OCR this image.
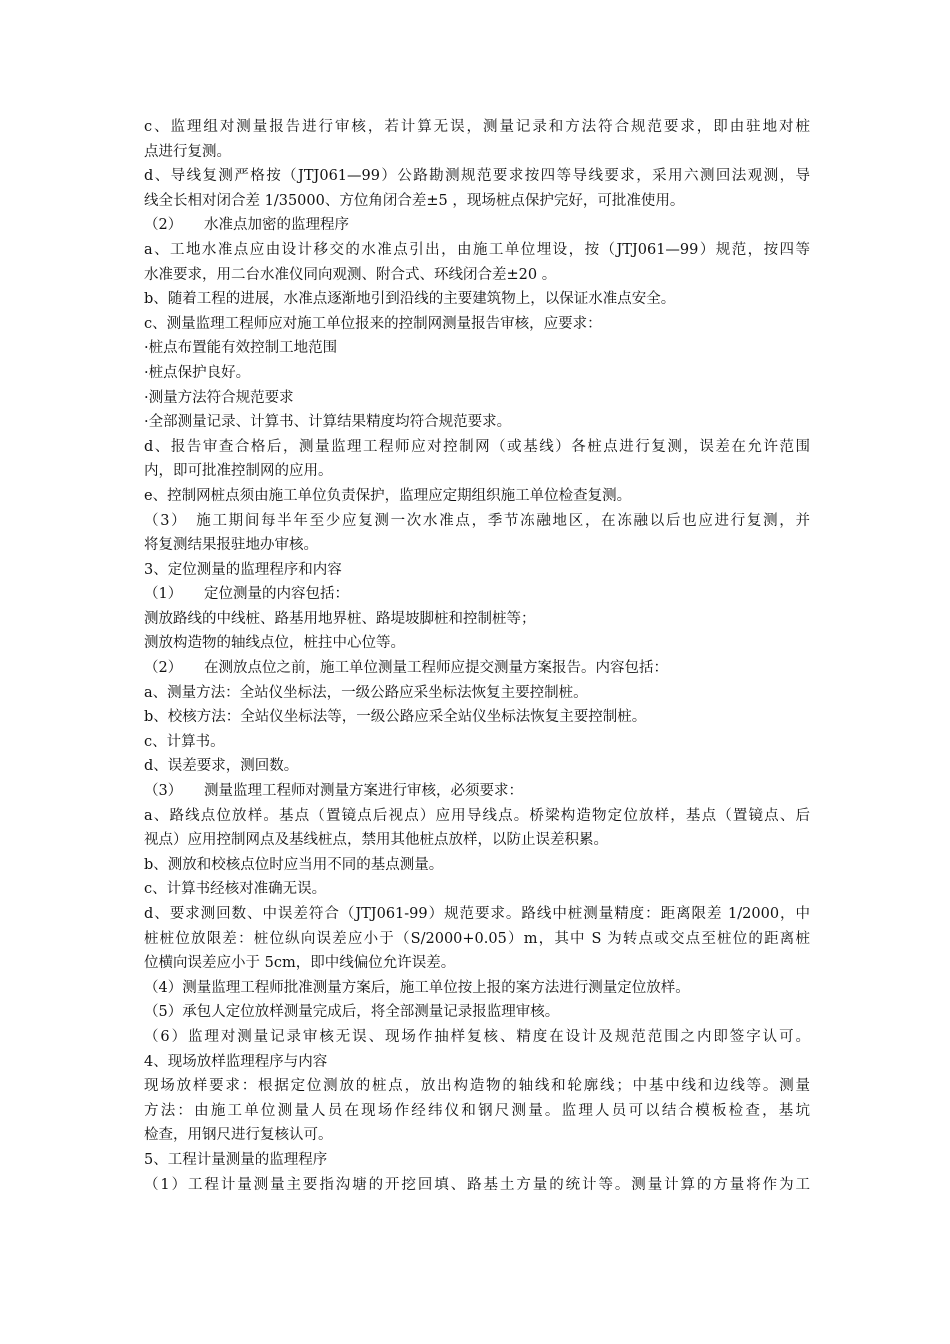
c、监理组对测量报告进行审核，若计算无误，测量记录和方法符合规范要求，即由驻地对桩
点进行复测。
d、导线复测严格按（JTJ061—99）公路勘测规范要求按四等导线要求，采用六测回法观测，导
线全长相对闭合差 1/35000、方位角闭合差±5 ，现场桩点保护完好，可批准使用。
（2）　　水准点加密的监理程序
a、工地水准点应由设计移交的水准点引出，由施工单位埋设，按（JTJ061—99）规范，按四等
水准要求，用二台水准仪同向观测、附合式、环线闭合差±20 。
b、随着工程的进展，水准点逐渐地引到沿线的主要建筑物上，以保证水准点安全。
c、测量监理工程师应对施工单位报来的控制网测量报告审核，应要求：
·桩点布置能有效控制工地范围
·桩点保护良好。
·测量方法符合规范要求
·全部测量记录、计算书、计算结果精度均符合规范要求。
d、报告审查合格后，测量监理工程师应对控制网（或基线）各桩点进行复测，误差在允许范围
内，即可批准控制网的应用。
e、控制网桩点须由施工单位负责保护，监理应定期组织施工单位检查复测。
（3）　施工期间每半年至少应复测一次水准点，季节冻融地区，在冻融以后也应进行复测，并
将复测结果报驻地办审核。
3、定位测量的监理程序和内容
（1）　　定位测量的内容包括：
测放路线的中线桩、路基用地界桩、路堤坡脚桩和控制桩等；
测放构造物的轴线点位，桩拄中心位等。
（2）　　在测放点位之前，施工单位测量工程师应提交测量方案报告。内容包括：
a、测量方法：全站仪坐标法，一级公路应采坐标法恢复主要控制桩。
b、校核方法：全站仪坐标法等，一级公路应采全站仪坐标法恢复主要控制桩。
c、计算书。
d、误差要求，测回数。
（3）　　测量监理工程师对测量方案进行审核，必须要求：
a、路线点位放样。基点（置镜点后视点）应用导线点。桥梁构造物定位放样，基点（置镜点、后
视点）应用控制网点及基线桩点，禁用其他桩点放样，以防止误差积累。
b、测放和校核点位时应当用不同的基点测量。
c、计算书经核对准确无误。
d、要求测回数、中误差符合（JTJ061-99）规范要求。路线中桩测量精度：距离限差 1/2000，中
桩桩位放限差：桩位纵向误差应小于（S/2000+0.05）m，其中 S 为转点或交点至桩位的距离桩
位横向误差应小于 5cm，即中线偏位允许误差。
（4）测量监理工程师批准测量方案后，施工单位按上报的案方法进行测量定位放样。
（5）承包人定位放样测量完成后，将全部测量记录报监理审核。
（6）监理对测量记录审核无误、现场作抽样复核、精度在设计及规范范围之内即签字认可。
4、现场放样监理程序与内容
现场放样要求：根据定位测放的桩点，放出构造物的轴线和轮廓线；中基中线和边线等。测量
方法：由施工单位测量人员在现场作经纬仪和钢尺测量。监理人员可以结合模板检查，基坑
检查，用钢尺进行复核认可。
5、工程计量测量的监理程序
（1）工程计量测量主要指沟塘的开挖回填、路基土方量的统计等。测量计算的方量将作为工
